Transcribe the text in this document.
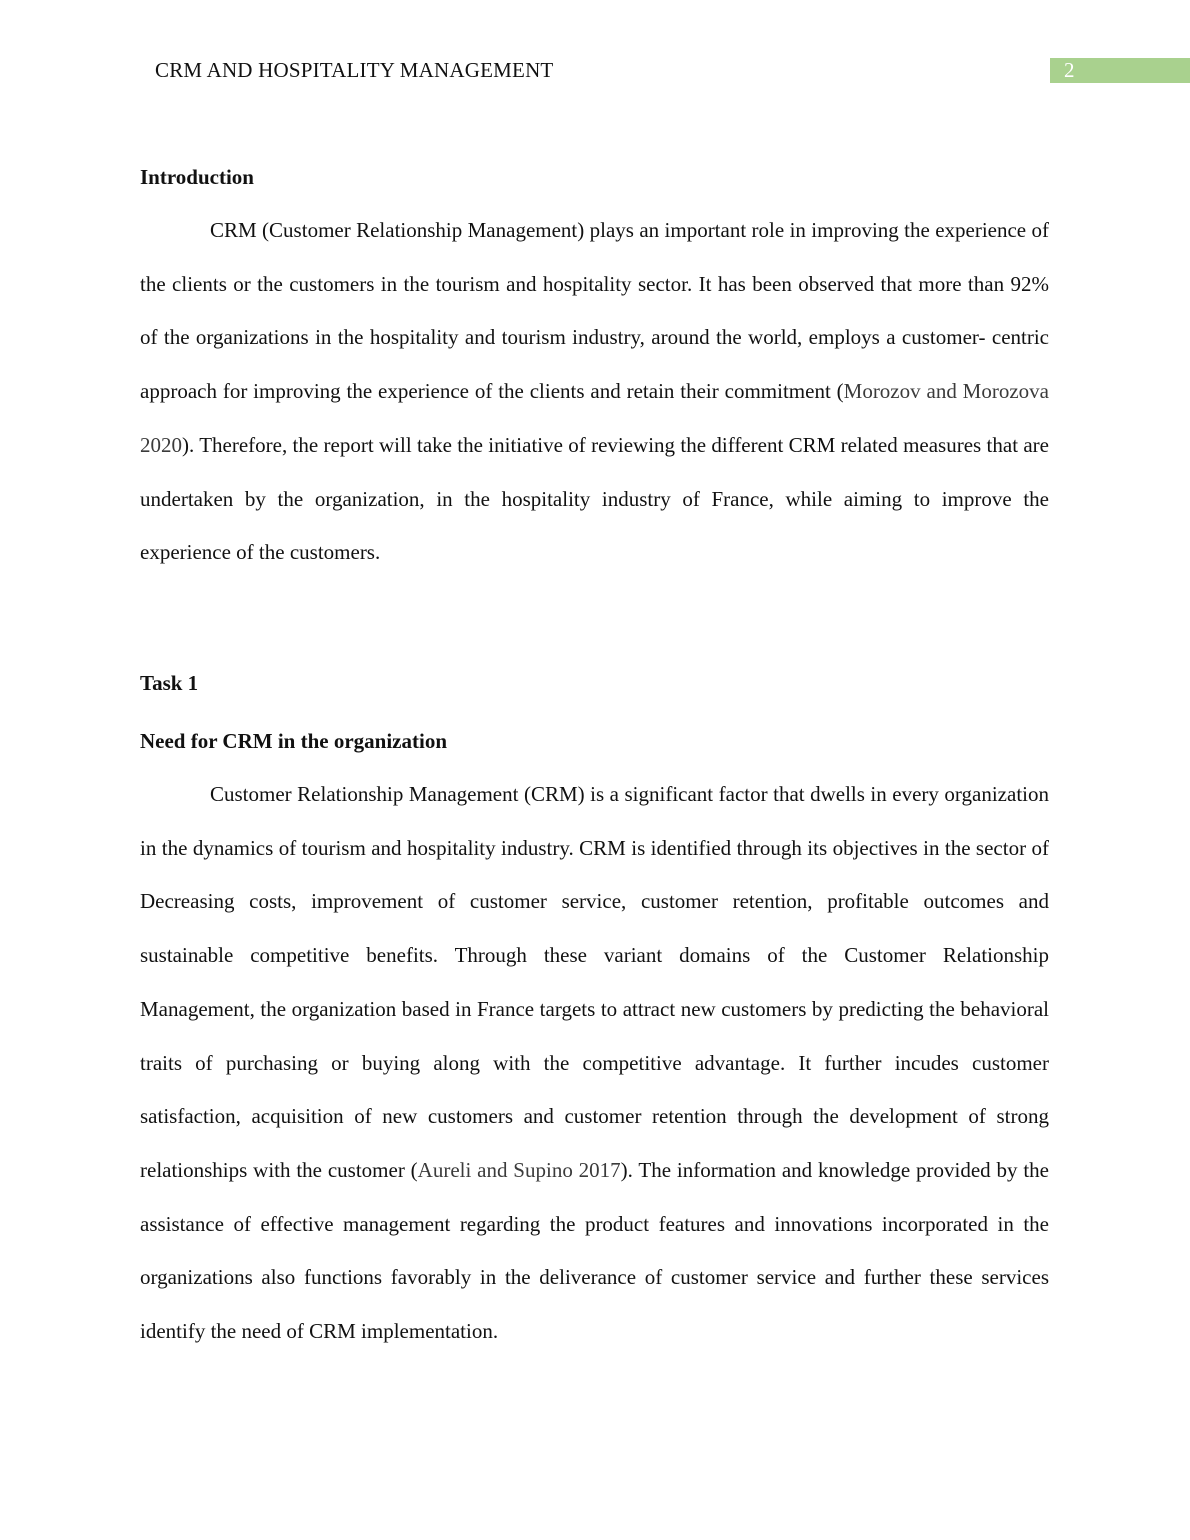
CRM AND HOSPITALITY MANAGEMENT	2
Introduction

CRM (Customer Relationship Management) plays an important role in improving the experience of the clients or the customers in the tourism and hospitality sector. It has been observed that more than 92% of the organizations in the hospitality and tourism industry, around the world, employs a customer- centric approach for improving the experience of the clients and retain their commitment (Morozov and Morozova 2020). Therefore, the report will take the initiative of reviewing the different CRM related measures that are undertaken by the organization, in the hospitality industry of France, while aiming to improve the experience of the customers.

Task 1
Need for CRM in the organization

Customer Relationship Management (CRM) is a significant factor that dwells in every organization in the dynamics of tourism and hospitality industry. CRM is identified through its objectives in the sector of Decreasing costs, improvement of customer service, customer retention, profitable outcomes and sustainable competitive benefits. Through these variant domains of the Customer Relationship Management, the organization based in France targets to attract new customers by predicting the behavioral traits of purchasing or buying along with the competitive advantage. It further incudes customer satisfaction, acquisition of new customers and customer retention through the development of strong relationships with the customer (Aureli and Supino 2017). The information and knowledge provided by the assistance of effective management regarding the product features and innovations incorporated in the organizations also functions favorably in the deliverance of customer service and further these services identify the need of CRM implementation.
